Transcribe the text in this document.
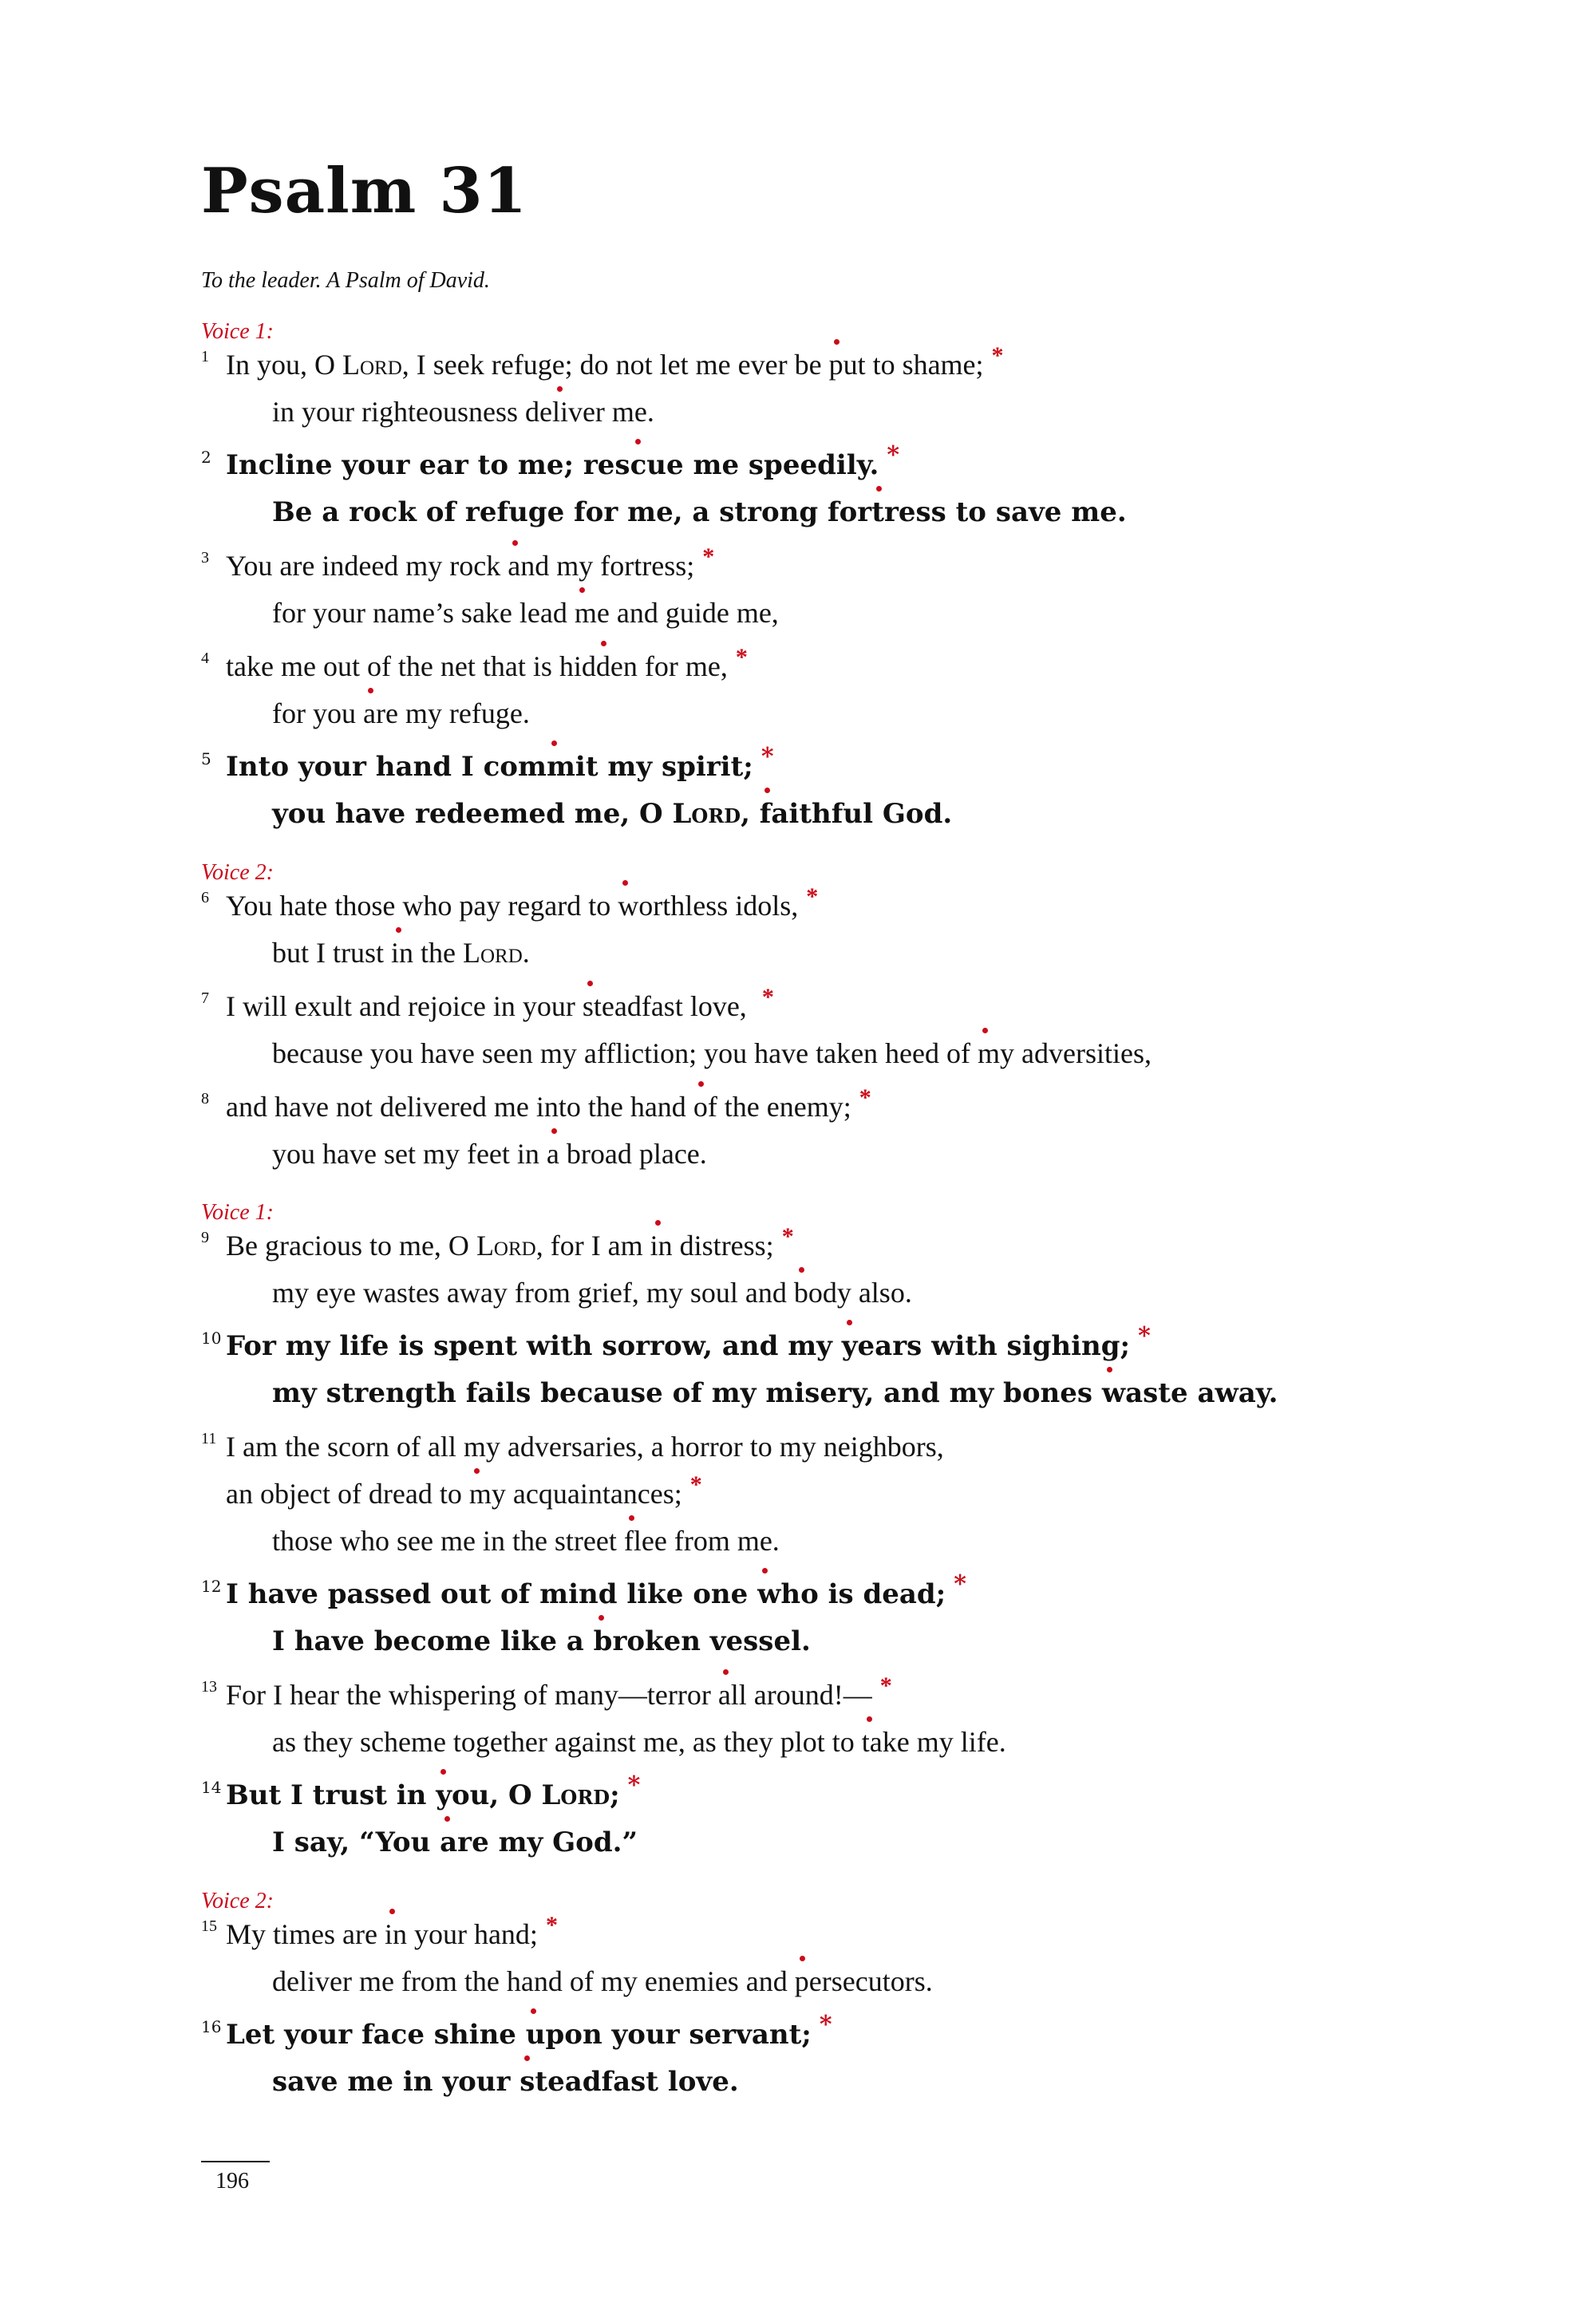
Psalm 31
To the leader. A Psalm of David.
Voice 1:
1 In you, O Lord, I seek refuge; do not let me ever be
put to shame; *
in your righteousness de
liver me.
2 Incline your ear to me; res
cue me speedily. *
Be a rock of refuge for me, a strong for
tress to save me.
3 You are indeed my rock
and my fortress; *
for your name’s sake lead
me and guide me,
4 take me out of the net that is hid
den for me, *
for you
are my refuge.
5 Into your hand I com
mit my spirit; *
you have redeemed me, O Lord,
faithful God.
Voice 2:
6 You hate those who pay regard to
worthless idols, *
but I trust
in the Lord.
7 I will exult and rejoice in your
steadfast love, *
because you have seen my affliction; you have taken heed of
my adversities,
8 and have not delivered me into the hand
of the enemy; *
you have set my feet in
a broad place.
Voice 1:
9 Be gracious to me, O Lord, for I am
in distress; *
my eye wastes away from grief, my soul and
body also.
10 For my life is spent with sorrow, and my
years with sighing; *
my strength fails because of my misery, and my bones
waste away.
11 I am the scorn of all my adversaries, a horror to my neighbors,
an object of dread to
my acquaintances; *
those who see me in the street
flee from me.
12 I have passed out of mind like one
who is dead; *
I have become like a
broken vessel.
13 For I hear the whispering of many—terror
all around!— *
as they scheme together against me, as they plot to
take my life.
14 But I trust in
you, O Lord; *
I say, “You
are my God.”
Voice 2:
15 My times are
in your hand; *
deliver me from the hand of my enemies and
persecutors.
16 Let your face shine
upon your servant; *
save me in your
steadfast love.
196
